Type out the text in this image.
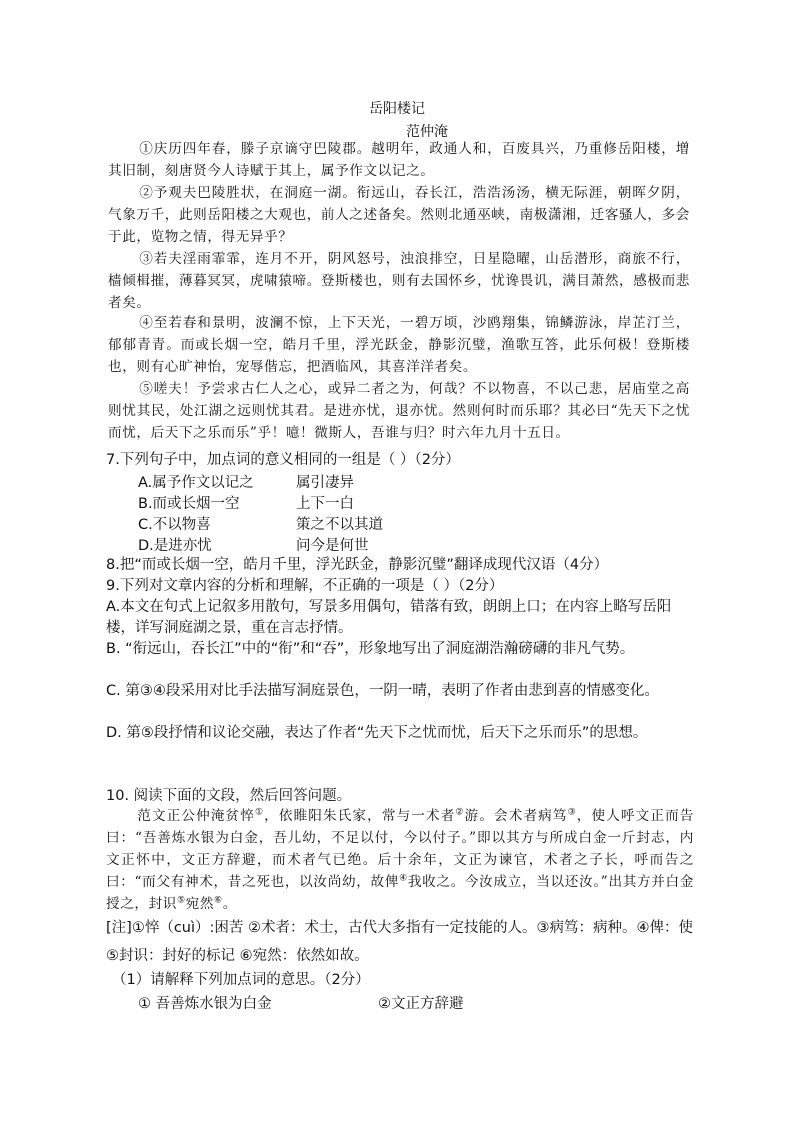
岳阳楼记
范仲淹
①庆历四年春，滕子京谪守巴陵郡。越明年，政通人和，百废具兴，乃重修岳阳楼，增其旧制，刻唐贤今人诗赋于其上，属予作文以记之。
②予观夫巴陵胜状，在洞庭一湖。衔远山，吞长江，浩浩汤汤，横无际涯，朝晖夕阴，气象万千，此则岳阳楼之大观也，前人之述备矣。然则北通巫峡，南极潇湘，迁客骚人，多会于此，览物之情，得无异乎？
③若夫淫雨霏霏，连月不开，阴风怒号，浊浪排空，日星隐曜，山岳潜形，商旅不行，樯倾楫摧，薄暮冥冥，虎啸猿啼。登斯楼也，则有去国怀乡，忧谗畏讥，满目萧然，感极而悲者矣。
④至若春和景明，波澜不惊，上下天光，一碧万顷，沙鸥翔集，锦鳞游泳，岸芷汀兰，郁郁青青。而或长烟一空，皓月千里，浮光跃金，静影沉璧，渔歌互答，此乐何极！登斯楼也，则有心旷神怡，宠辱偕忘，把酒临风，其喜洋洋者矣。
⑤嗟夫！予尝求古仁人之心，或异二者之为，何哉？不以物喜，不以己悲，居庙堂之高则忧其民，处江湖之远则忧其君。是进亦忧，退亦忧。然则何时而乐耶？其必曰“先天下之忧而忧，后天下之乐而乐”乎！噫！微斯人，吾谁与归？时六年九月十五日。
7.下列句子中，加点词的意义相同的一组是（ ）（2分）
A.属予作文以记之	属引凄异
B.而或长烟一空	上下一白
C.不以物喜	策之不以其道
D.是进亦忧	问今是何世
8.把“而或长烟一空，皓月千里，浮光跃金，静影沉璧”翻译成现代汉语（4分）
9.下列对文章内容的分析和理解，不正确的一项是（ ）（2分）
A.本文在句式上记叙多用散句，写景多用偶句，错落有致，朗朗上口；在内容上略写岳阳楼，详写洞庭湖之景，重在言志抒情。
B. “衔远山，吞长江”中的“衔”和“吞”，形象地写出了洞庭湖浩瀚磅礴的非凡气势。
C. 第③④段采用对比手法描写洞庭景色，一阴一晴，表明了作者由悲到喜的情感变化。
D. 第⑤段抒情和议论交融，表达了作者“先天下之忧而忧，后天下之乐而乐”的思想。
10. 阅读下面的文段，然后回答问题。
范文正公仲淹贫悴①，依睢阳朱氏家，常与一术者②游。会术者病笃③，使人呼文正而告曰：“吾善炼水银为白金，吾儿幼，不足以付，今以付子。”即以其方与所成白金一斤封志，内文正怀中，文正方辞避，而术者气已绝。后十余年，文正为谏官，术者之子长，呼而告之曰：“而父有神术，昔之死也，以汝尚幼，故俾④我收之。今汝成立，当以还汝。”出其方并白金授之，封识⑤宛然⑥。
[注]①悴（cuì）:困苦 ②术者：术士，古代大多指有一定技能的人。③病笃：病种。④俾：使 ⑤封识：封好的标记 ⑥宛然：依然如故。
（1）请解释下列加点词的意思。（2分）
① 吾善炼水银为白金	②文正方辞避
